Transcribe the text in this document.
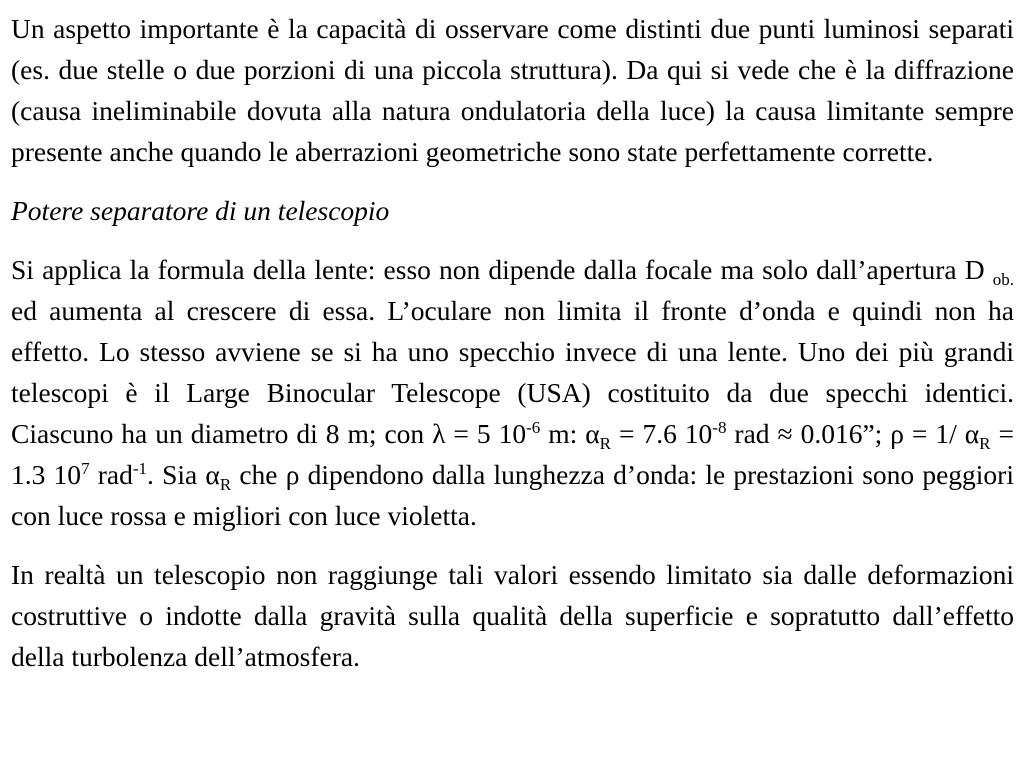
Un aspetto importante è la capacità di osservare come distinti due punti luminosi separati (es. due stelle o due porzioni di una piccola struttura). Da qui si vede che è la diffrazione (causa ineliminabile dovuta alla natura ondulatoria della luce) la causa limitante sempre presente anche quando le aberrazioni geometriche sono state perfettamente corrette.

Potere separatore di un telescopio

Si applica la formula della lente: esso non dipende dalla focale ma solo dall’apertura D $_{ob.}$ ed aumenta al crescere di essa. L’oculare non limita il fronte d’onda e quindi non ha effetto. Lo stesso avviene se si ha uno specchio invece di una lente. Uno dei più grandi telescopi è il Large Binocular Telescope (USA) costituito da due specchi identici. Ciascuno ha un diametro di 8 m; con λ = 5 $10^{-6}$ m: $\alpha_R = 7.6$ $10^{-8}$ rad ≈ 0.016”; ρ = 1/ $\alpha_R = 1.3$ $10^7$ rad$^{-1}$. Sia $\alpha_R$ che ρ dipendono dalla lunghezza d’onda: le prestazioni sono peggiori con luce rossa e migliori con luce violetta.

In realtà un telescopio non raggiunge tali valori essendo limitato sia dalle deformazioni costruttive o indotte dalla gravità sulla qualità della superficie e sopratutto dall’effetto della turbolenza dell’atmosfera.
